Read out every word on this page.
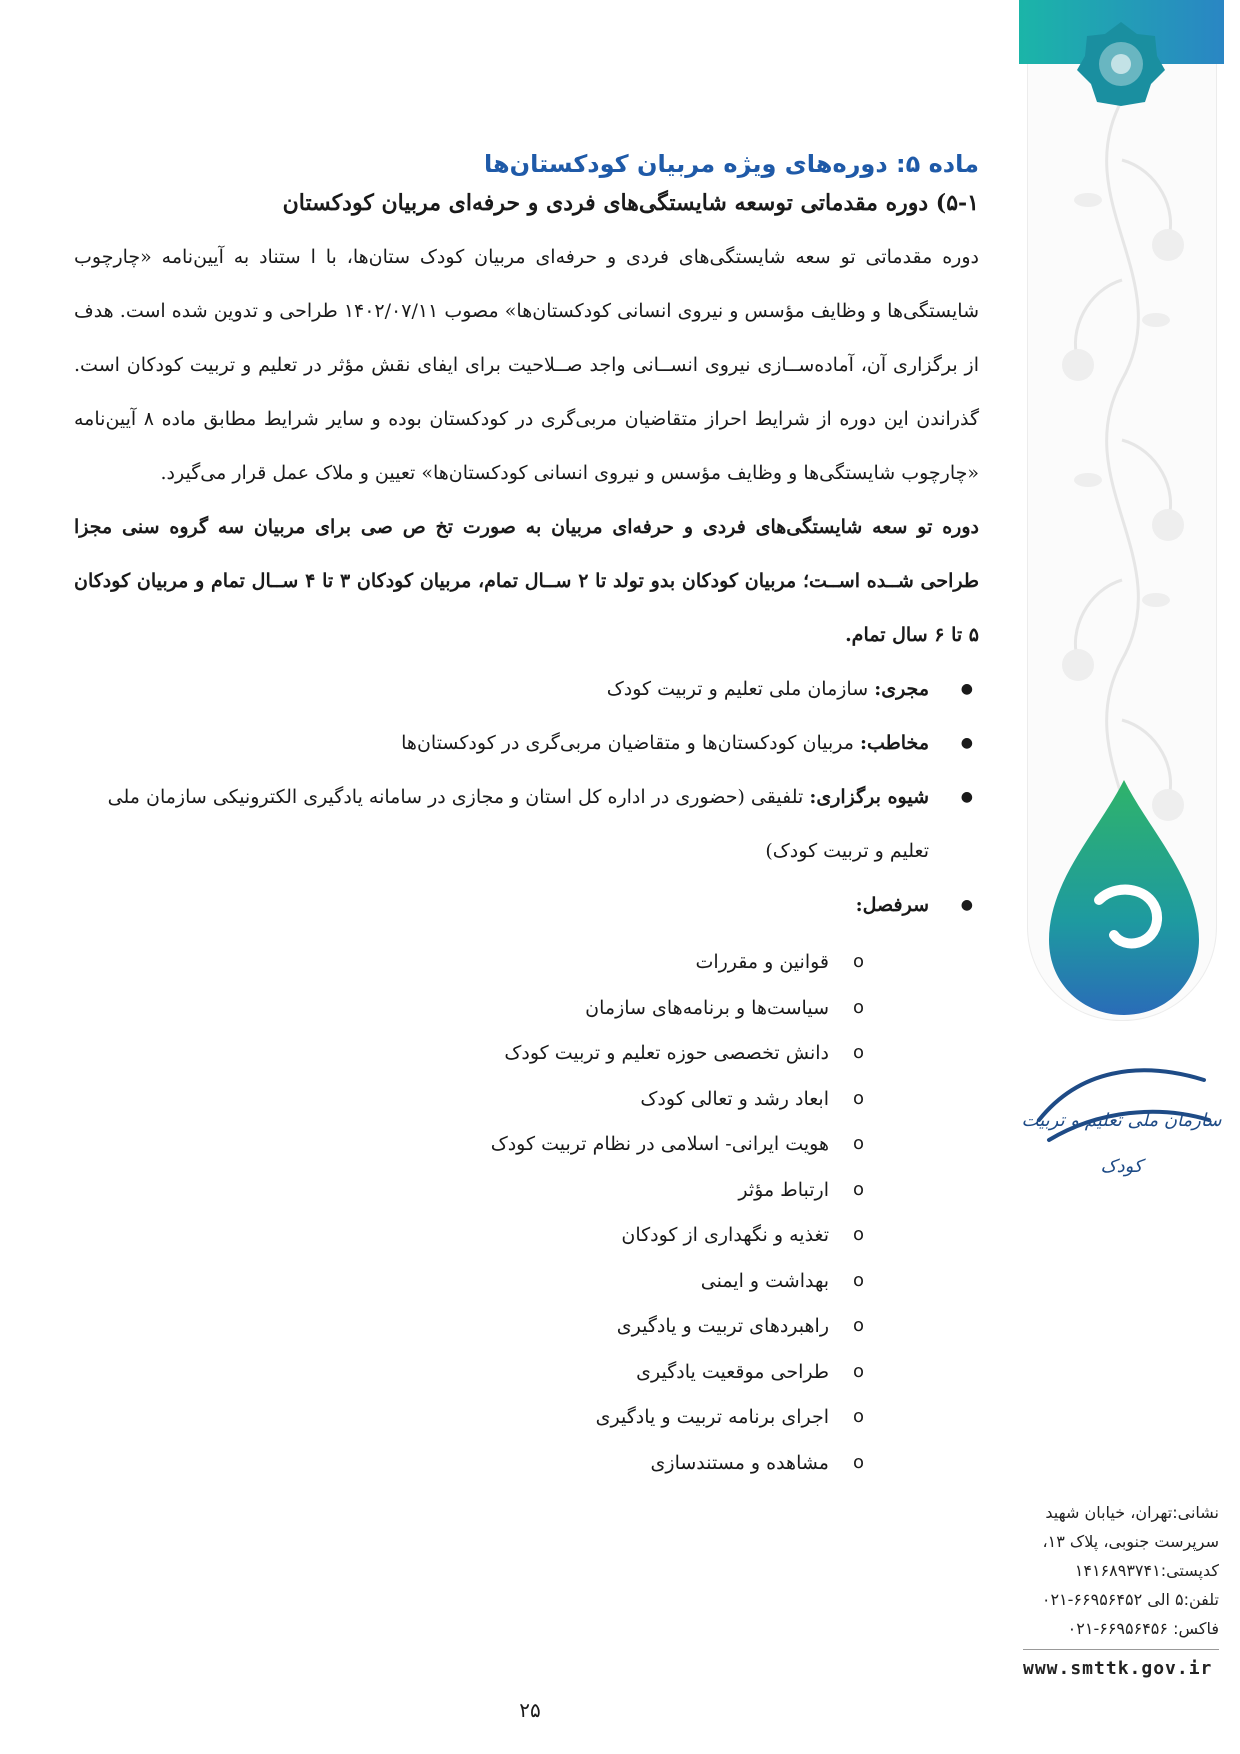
سازمان ملی تعلیم و تربیت کودک
نشانی:تهران، خیابان شهید
سرپرست جنوبی، پلاک ۱۳،
کدپستی:۱۴۱۶۸۹۳۷۴۱
تلفن:۵ الی ۶۶۹۵۶۴۵۲-۰۲۱
فاکس: ۶۶۹۵۶۴۵۶-۰۲۱
www.smttk.gov.ir
ماده ۵: دوره‌های ویژه مربیان کودکستان‌ها
۵-۱) دوره مقدماتی توسعه شایستگی‌های فردی و حرفه‌ای مربیان کودکستان

دوره مقدماتی تو سعه شایستگی‌های فردی و حرفه‌ای مربیان کودک ستان‌ها، با ا ستناد به آیین‌نامه «چارچوب شایستگی‌ها و وظایف مؤسس و نیروی انسانی کودکستان‌ها» مصوب ۱۴۰۲/۰۷/۱۱ طراحی و تدوین شده است. هدف از برگزاری آن، آماده‌ســازی نیروی انســانی واجد صــلاحیت برای ایفای نقش مؤثر در تعلیم و تربیت کودکان است. گذراندن این دوره از شرایط احراز متقاضیان مربی‌گری در کودکستان بوده و سایر شرایط مطابق ماده ۸ آیین‌نامه «چارچوب شایستگی‌ها و وظایف مؤسس و نیروی انسانی کودکستان‌ها» تعیین و ملاک عمل قرار می‌گیرد.

دوره تو سعه شایستگی‌های فردی و حرفه‌ای مربیان به صورت تخ ص صی برای مربیان سه گروه سنی مجزا طراحی شــده اســت؛ مربیان کودکان بدو تولد تا ۲ ســال تمام، مربیان کودکان ۳ تا ۴ ســال تمام و مربیان کودکان ۵ تا ۶ سال تمام.

● مجری: سازمان ملی تعلیم و تربیت کودک
● مخاطب: مربیان کودکستان‌ها و متقاضیان مربی‌گری در کودکستان‌ها
● شیوه برگزاری: تلفیقی (حضوری در اداره کل استان و مجازی در سامانه یادگیری الکترونیکی سازمان ملی تعلیم و تربیت کودک)
● سرفصل:
o قوانین و مقررات
o سیاست‌ها و برنامه‌های سازمان
o دانش تخصصی حوزه تعلیم و تربیت کودک
o ابعاد رشد و تعالی کودک
o هویت ایرانی- اسلامی در نظام تربیت کودک
o ارتباط مؤثر
o تغذیه و نگهداری از کودکان
o بهداشت و ایمنی
o راهبردهای تربیت و یادگیری
o طراحی موقعیت یادگیری
o اجرای برنامه تربیت و یادگیری
o مشاهده و مستندسازی
۲۵
